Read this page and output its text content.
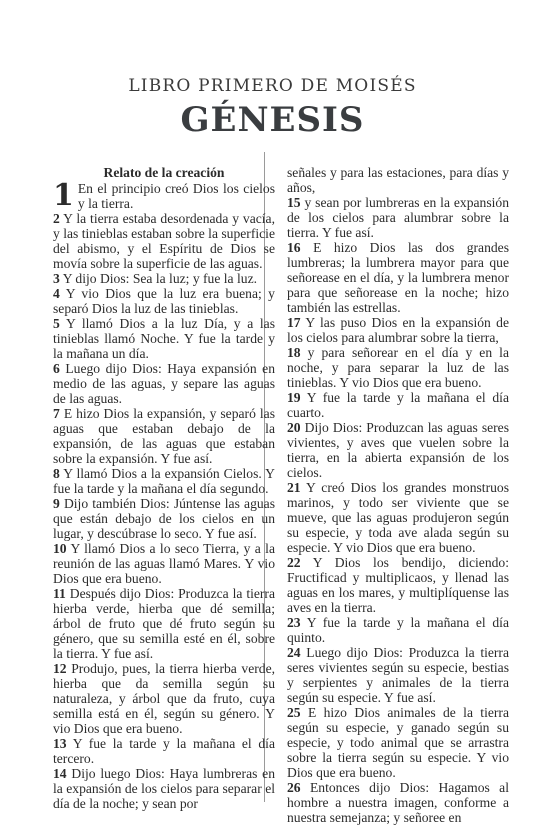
LIBRO PRIMERO DE MOISÉS
GÉNESIS
Relato de la creación

1 En el principio creó Dios los cielos y la tierra.

2 Y la tierra estaba desordenada y vacía, y las tinieblas estaban sobre la superficie del abismo, y el Espíritu de Dios se movía sobre la superficie de las aguas.

3 Y dijo Dios: Sea la luz; y fue la luz.

4 Y vio Dios que la luz era buena; y separó Dios la luz de las tinieblas.

5 Y llamó Dios a la luz Día, y a las tinieblas llamó Noche. Y fue la tarde y la mañana un día.

6 Luego dijo Dios: Haya expansión en medio de las aguas, y separe las aguas de las aguas.

7 E hizo Dios la expansión, y separó las aguas que estaban debajo de la expansión, de las aguas que estaban sobre la expansión. Y fue así.

8 Y llamó Dios a la expansión Cielos. Y fue la tarde y la mañana el día segundo.

9 Dijo también Dios: Júntense las aguas que están debajo de los cielos en un lugar, y descúbrase lo seco. Y fue así.

10 Y llamó Dios a lo seco Tierra, y a la reunión de las aguas llamó Mares. Y vio Dios que era bueno.

11 Después dijo Dios: Produzca la tierra hierba verde, hierba que dé semilla; árbol de fruto que dé fruto según su género, que su semilla esté en él, sobre la tierra. Y fue así.

12 Produjo, pues, la tierra hierba verde, hierba que da semilla según su naturaleza, y árbol que da fruto, cuya semilla está en él, según su género. Y vio Dios que era bueno.

13 Y fue la tarde y la mañana el día tercero.

14 Dijo luego Dios: Haya lumbreras en la expansión de los cielos para separar el día de la noche; y sean por

señales y para las estaciones, para días y años,

15 y sean por lumbreras en la expansión de los cielos para alumbrar sobre la tierra. Y fue así.

16 E hizo Dios las dos grandes lumbreras; la lumbrera mayor para que señorease en el día, y la lumbrera menor para que señorease en la noche; hizo también las estrellas.

17 Y las puso Dios en la expansión de los cielos para alumbrar sobre la tierra,

18 y para señorear en el día y en la noche, y para separar la luz de las tinieblas. Y vio Dios que era bueno.

19 Y fue la tarde y la mañana el día cuarto.

20 Dijo Dios: Produzcan las aguas seres vivientes, y aves que vuelen sobre la tierra, en la abierta expansión de los cielos.

21 Y creó Dios los grandes monstruos marinos, y todo ser viviente que se mueve, que las aguas produjeron según su especie, y toda ave alada según su especie. Y vio Dios que era bueno.

22 Y Dios los bendijo, diciendo: Fructificad y multiplicaos, y llenad las aguas en los mares, y multiplíquense las aves en la tierra.

23 Y fue la tarde y la mañana el día quinto.

24 Luego dijo Dios: Produzca la tierra seres vivientes según su especie, bestias y serpientes y animales de la tierra según su especie. Y fue así.

25 E hizo Dios animales de la tierra según su especie, y ganado según su especie, y todo animal que se arrastra sobre la tierra según su especie. Y vio Dios que era bueno.

26 Entonces dijo Dios: Hagamos al hombre a nuestra imagen, conforme a nuestra semejanza; y señoree en
